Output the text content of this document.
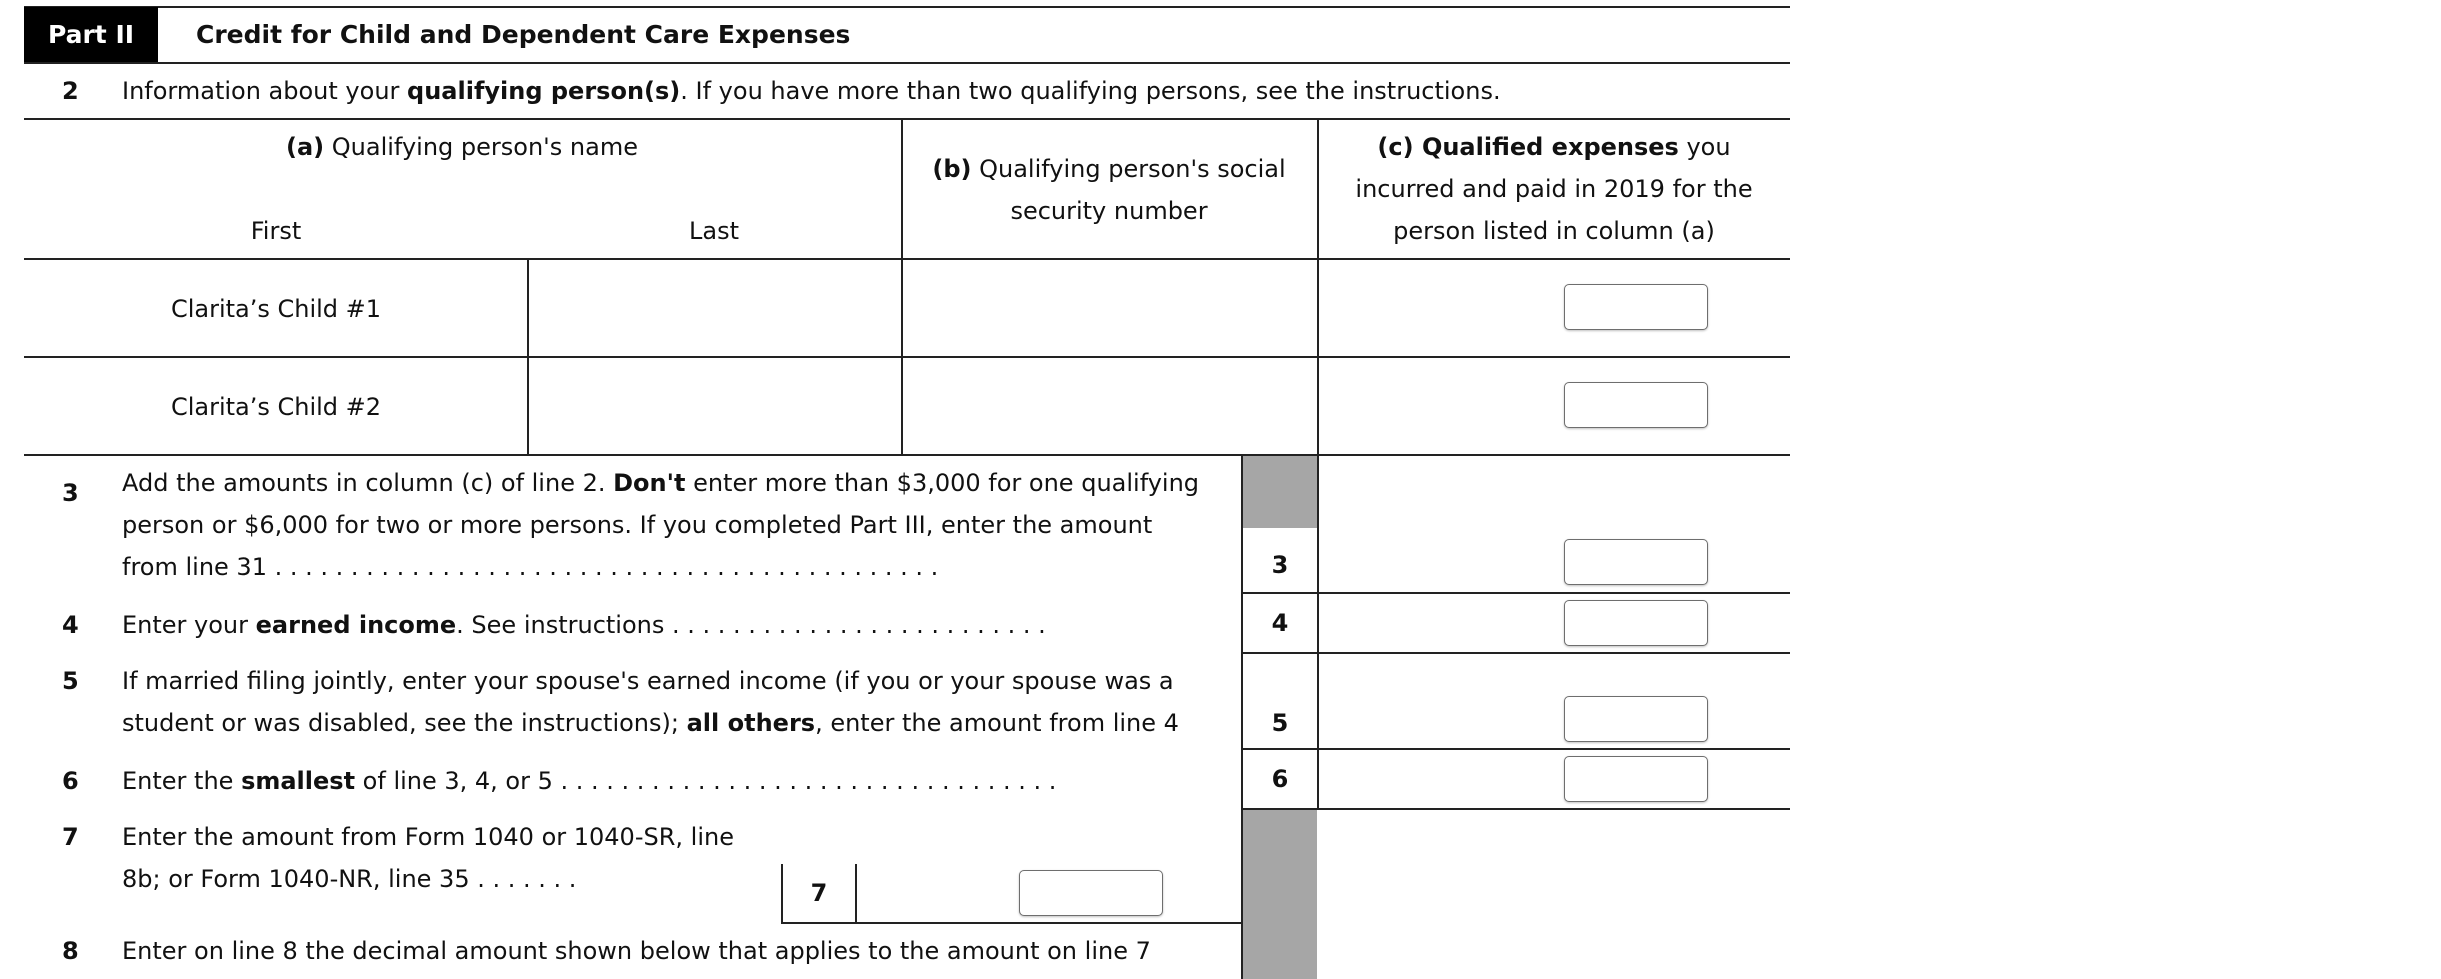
Part II	Credit for Child and Dependent Care Expenses
2 Information about your qualifying person(s). If you have more than two qualifying persons, see the instructions.
(a) Qualifying person's name
First	Last
(b) Qualifying person's social
security number
(c) Qualified expenses you
incurred and paid in 2019 for the
person listed in column (a)
Clarita’s Child #1
Clarita’s Child #2
3 Add the amounts in column (c) of line 2. Don't enter more than $3,000 for one qualifying
person or $6,000 for two or more persons. If you completed Part III, enter the amount
from line 31 . . . . . . . . . . . . . . . . . . . . . . . . . . . . . . . . . . . . . . . . . . . .	3
4 Enter your earned income. See instructions . . . . . . . . . . . . . . . . . . . . . . . . .	4
5 If married filing jointly, enter your spouse's earned income (if you or your spouse was a
student or was disabled, see the instructions); all others, enter the amount from line 4	5
6 Enter the smallest of line 3, 4, or 5 . . . . . . . . . . . . . . . . . . . . . . . . . . . . . . . . .	6
7 Enter the amount from Form 1040 or 1040-SR, line
8b; or Form 1040-NR, line 35 . . . . . . .	7
8 Enter on line 8 the decimal amount shown below that applies to the amount on line 7
